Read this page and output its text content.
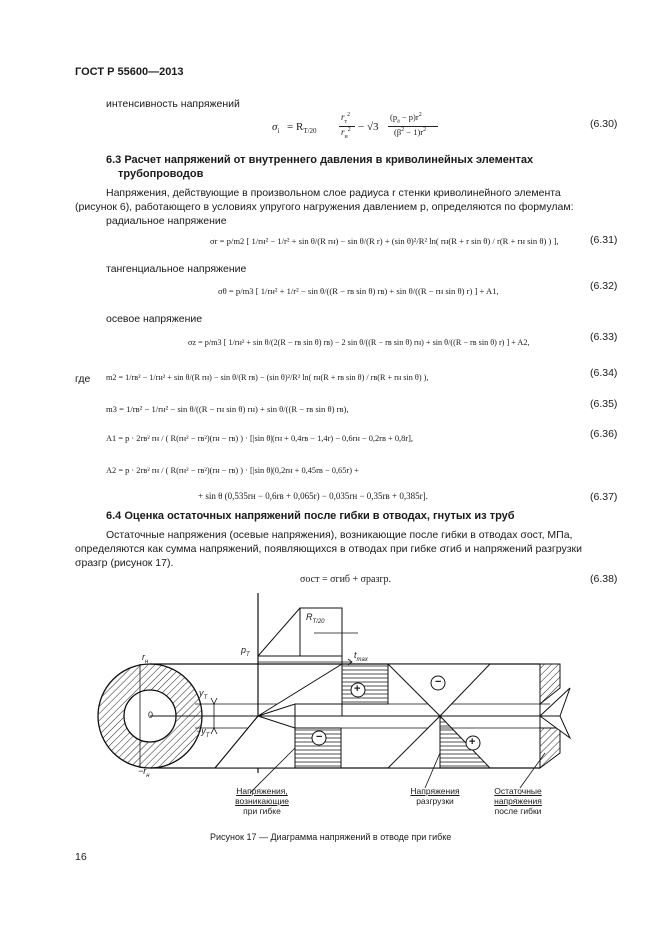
ГОСТ Р 55600—2013
интенсивность напряжений
$\sigma_i = R_{T/20}$
$r_т^2$
$r_н^2 - √3$
$(p_a - p)r^2$
$(\beta^2 - 1)r^2$
(6.30)
6.3 Расчет напряжений от внутреннего давления в криволинейных элементах
трубопроводов
Напряжения, действующие в произвольном слое радиуса r стенки криволинейного элемента
(рисунок 6), работающего в условиях упругого нагружения давлением p, определяются по формулам:
радиальное напряжение
σr = p/m2 [ 1/rн² − 1/r² + sin θ/(R rн) − sin θ/(R r) + (sin θ)²/R² ln( rн(R + r sin θ) / r(R + rн sin θ) ) ],	(6.31)
тангенциальное напряжение
σθ = p/m3 [ 1/rн² + 1/r² − sin θ/((R − rв sin θ) rв) + sin θ/((R − rн sin θ) r) ] + A1,	(6.32)
осевое напряжение
σz = p/m3 [ 1/rн² + sin θ/(2(R − rв sin θ) rв) − 2 sin θ/((R − rв sin θ) rн) + sin θ/((R − rв sin θ) r) ] + A2,	(6.33)
где m2 = 1/rв² − 1/rн² + sin θ/(R rн) − sin θ/(R rв) − (sin θ)²/R² ln( rн(R + rв sin θ) / rв(R + rн sin θ) ),	(6.34)
m3 = 1/rв² − 1/rн² − sin θ/((R − rн sin θ) rн) + sin θ/((R − rв sin θ) rв),	(6.35)
A1 = p · 2rв² rн / ( R(rн² − rв²)(rн − rв) ) · [|sin θ|(rн + 0,4rв − 1,4r) − 0,6rн − 0,2rв + 0,8r],	(6.36)
A2 = p · 2rв² rн / ( R(rн² − rв²)(rн − rв) ) · [|sin θ|(0,2rн + 0,45rв − 0,65r) +
+ sin θ (0,535rн − 0,6rв + 0,065r) − 0,035rн − 0,35rв + 0,385r].	(6.37)
6.4 Оценка остаточных напряжений после гибки в отводах, гнутых из труб
Остаточные напряжения (осевые напряжения), возникающие после гибки в отводах σост, МПа,
определяются как сумма напряжений, появляющихся в отводах при гибке σгиб и напряжений разгрузки
σразгр (рисунок 17).
σост = σгиб + σразгр.	(6.38)
$R_{T/20}$
$p_T$	$t_{max}$
$r_н$
$-r_н$
$y_T$
$-y_T$
0
+
−
−	+
Напряжения,
возникающие
при гибке
Напряжения
разгрузки
Остаточные
напряжения
после гибки
Рисунок 17 — Диаграмма напряжений в отводе при гибке
16
